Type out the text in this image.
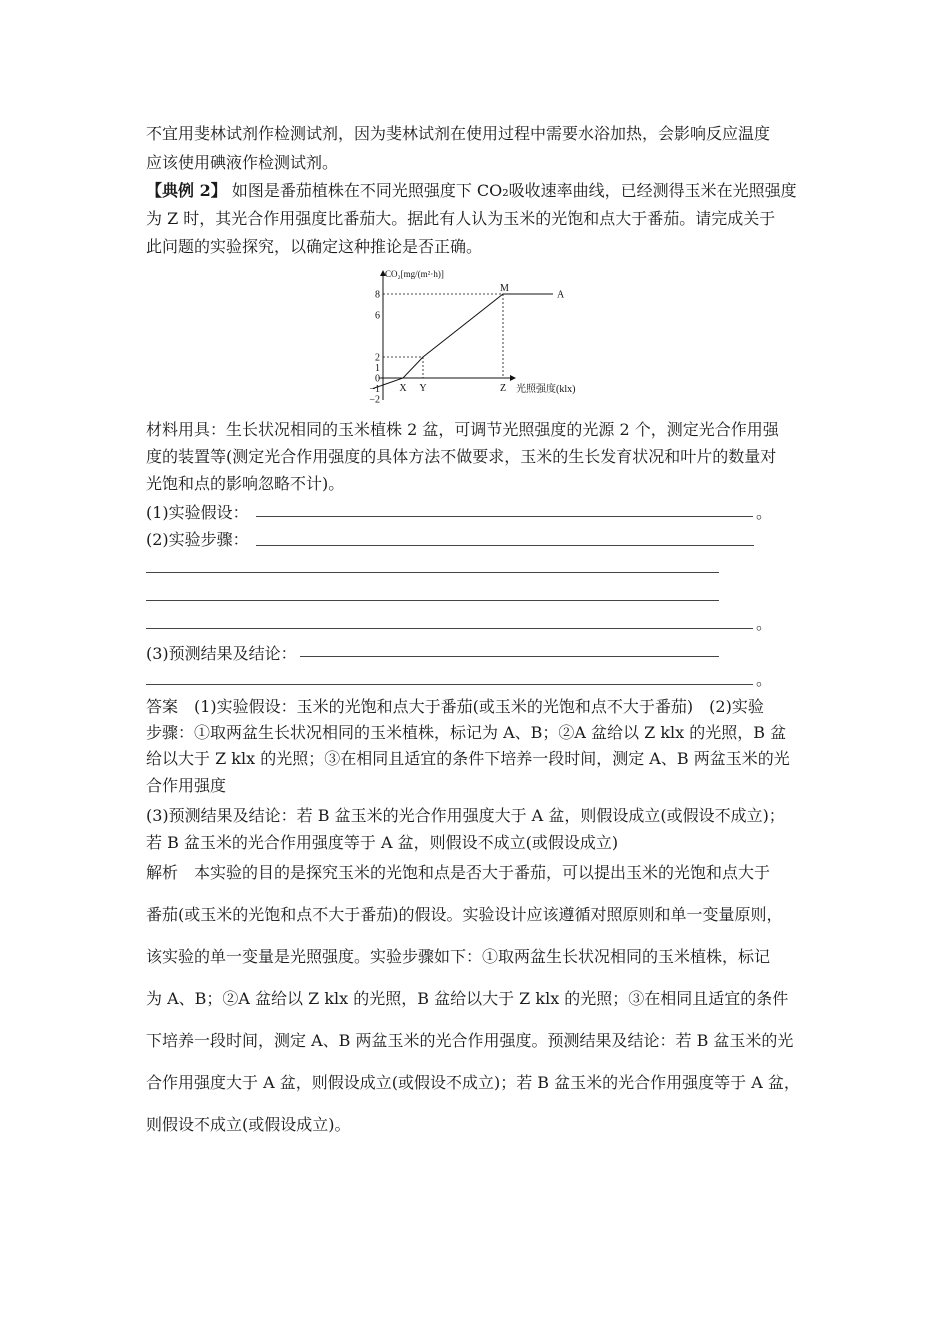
不宜用斐林试剂作检测试剂，因为斐林试剂在使用过程中需要水浴加热，会影响反应温度
应该使用碘液作检测试剂。
【典例 2】 如图是番茄植株在不同光照强度下 CO₂吸收速率曲线，已经测得玉米在光照强度
为 Z 时，其光合作用强度比番茄大。据此有人认为玉米的光饱和点大于番茄。请完成关于
此问题的实验探究，以确定这种推论是否正确。
CO₂[mg/(m²·h)]
光照强度(klx)
8
6
2
1
0
−1
−2
X Y	Z
M
A
材料用具：生长状况相同的玉米植株 2 盆，可调节光照强度的光源 2 个，测定光合作用强
度的装置等(测定光合作用强度的具体方法不做要求，玉米的生长发育状况和叶片的数量对
光饱和点的影响忽略不计)。
(1)实验假设：	。
(2)实验步骤：
。
(3)预测结果及结论：
。
答案　(1)实验假设：玉米的光饱和点大于番茄(或玉米的光饱和点不大于番茄)　(2)实验
步骤：①取两盆生长状况相同的玉米植株，标记为 A、B；②A 盆给以 Z klx 的光照，B 盆
给以大于 Z klx 的光照；③在相同且适宜的条件下培养一段时间，测定 A、B 两盆玉米的光
合作用强度
(3)预测结果及结论：若 B 盆玉米的光合作用强度大于 A 盆，则假设成立(或假设不成立)；
若 B 盆玉米的光合作用强度等于 A 盆，则假设不成立(或假设成立)
解析　本实验的目的是探究玉米的光饱和点是否大于番茄，可以提出玉米的光饱和点大于
番茄(或玉米的光饱和点不大于番茄)的假设。实验设计应该遵循对照原则和单一变量原则，
该实验的单一变量是光照强度。实验步骤如下：①取两盆生长状况相同的玉米植株，标记
为 A、B；②A 盆给以 Z klx 的光照，B 盆给以大于 Z klx 的光照；③在相同且适宜的条件
下培养一段时间，测定 A、B 两盆玉米的光合作用强度。预测结果及结论：若 B 盆玉米的光
合作用强度大于 A 盆，则假设成立(或假设不成立)；若 B 盆玉米的光合作用强度等于 A 盆，
则假设不成立(或假设成立)。
